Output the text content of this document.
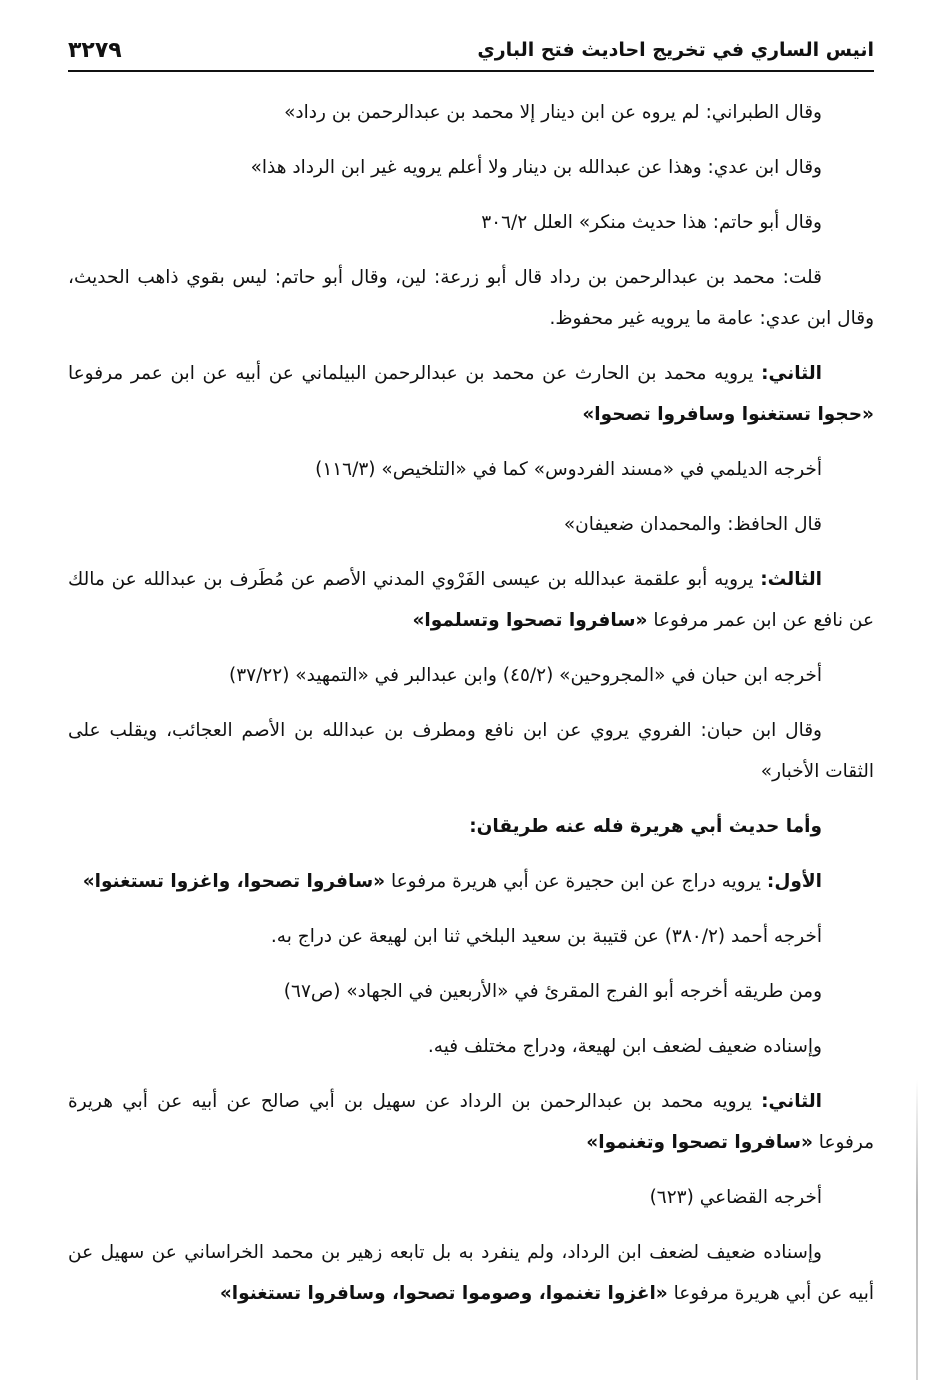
انيس الساري في تخريج احاديث فتح الباري
٣٢٧٩

وقال الطبراني: لم يروه عن ابن دينار إلا محمد بن عبدالرحمن بن رداد»

وقال ابن عدي: وهذا عن عبدالله بن دينار ولا أعلم يرويه غير ابن الرداد هذا»

وقال أبو حاتم: هذا حديث منكر» العلل ٣٠٦/٢

قلت: محمد بن عبدالرحمن بن رداد قال أبو زرعة: لين، وقال أبو حاتم: ليس بقوي ذاهب الحديث، وقال ابن عدي: عامة ما يرويه غير محفوظ.

الثاني: يرويه محمد بن الحارث عن محمد بن عبدالرحمن البيلماني عن أبيه عن ابن عمر مرفوعا «حجوا تستغنوا وسافروا تصحوا»

أخرجه الديلمي في «مسند الفردوس» كما في «التلخيص» (١١٦/٣)

قال الحافظ: والمحمدان ضعيفان»

الثالث: يرويه أبو علقمة عبدالله بن عيسى الفَرْوي المدني الأصم عن مُطَرف بن عبدالله عن مالك عن نافع عن ابن عمر مرفوعا «سافروا تصحوا وتسلموا»

أخرجه ابن حبان في «المجروحين» (٤٥/٢) وابن عبدالبر في «التمهيد» (٣٧/٢٢)

وقال ابن حبان: الفروي يروي عن ابن نافع ومطرف بن عبدالله بن الأصم العجائب، ويقلب على الثقات الأخبار»

وأما حديث أبي هريرة فله عنه طريقان:

الأول: يرويه دراج عن ابن حجيرة عن أبي هريرة مرفوعا «سافروا تصحوا، واغزوا تستغنوا»

أخرجه أحمد (٣٨٠/٢) عن قتيبة بن سعيد البلخي ثنا ابن لهيعة عن دراج به.

ومن طريقه أخرجه أبو الفرج المقرئ في «الأربعين في الجهاد» (ص٦٧)

وإسناده ضعيف لضعف ابن لهيعة، ودراج مختلف فيه.

الثاني: يرويه محمد بن عبدالرحمن بن الرداد عن سهيل بن أبي صالح عن أبيه عن أبي هريرة مرفوعا «سافروا تصحوا وتغنموا»

أخرجه القضاعي (٦٢٣)

وإسناده ضعيف لضعف ابن الرداد، ولم ينفرد به بل تابعه زهير بن محمد الخراساني عن سهيل عن أبيه عن أبي هريرة مرفوعا «اغزوا تغنموا، وصوموا تصحوا، وسافروا تستغنوا»
